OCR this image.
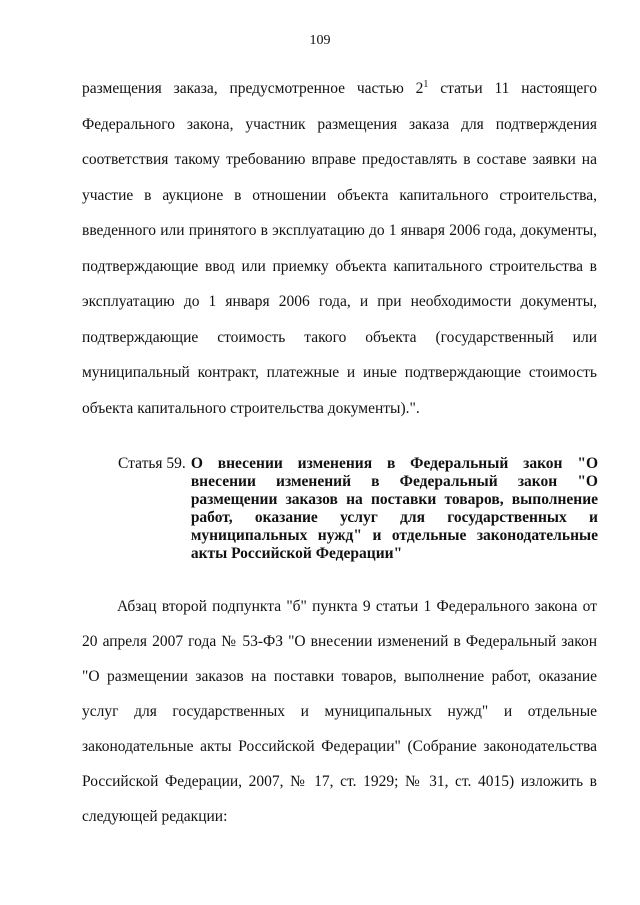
109

размещения заказа, предусмотренное частью $2^1$ статьи 11 настоящего Федерального закона, участник размещения заказа для подтверждения соответствия такому требованию вправе предоставлять в составе заявки на участие в аукционе в отношении объекта капитального строительства, введенного или принятого в эксплуатацию до 1 января 2006 года, документы, подтверждающие ввод или приемку объекта капитального строительства в эксплуатацию до 1 января 2006 года, и при необходимости документы, подтверждающие стоимость такого объекта (государственный или муниципальный контракт, платежные и иные подтверждающие стоимость объекта капитального строительства документы).".

Статья 59. О внесении изменения в Федеральный закон "О внесении изменений в Федеральный закон "О размещении заказов на поставки товаров, выполнение работ, оказание услуг для государственных и муниципальных нужд" и отдельные законодательные акты Российской Федерации"

Абзац второй подпункта "б" пункта 9 статьи 1 Федерального закона от 20 апреля 2007 года № 53-ФЗ "О внесении изменений в Федеральный закон "О размещении заказов на поставки товаров, выполнение работ, оказание услуг для государственных и муниципальных нужд" и отдельные законодательные акты Российской Федерации" (Собрание законодательства Российской Федерации, 2007, № 17, ст. 1929; № 31, ст. 4015) изложить в следующей редакции:
